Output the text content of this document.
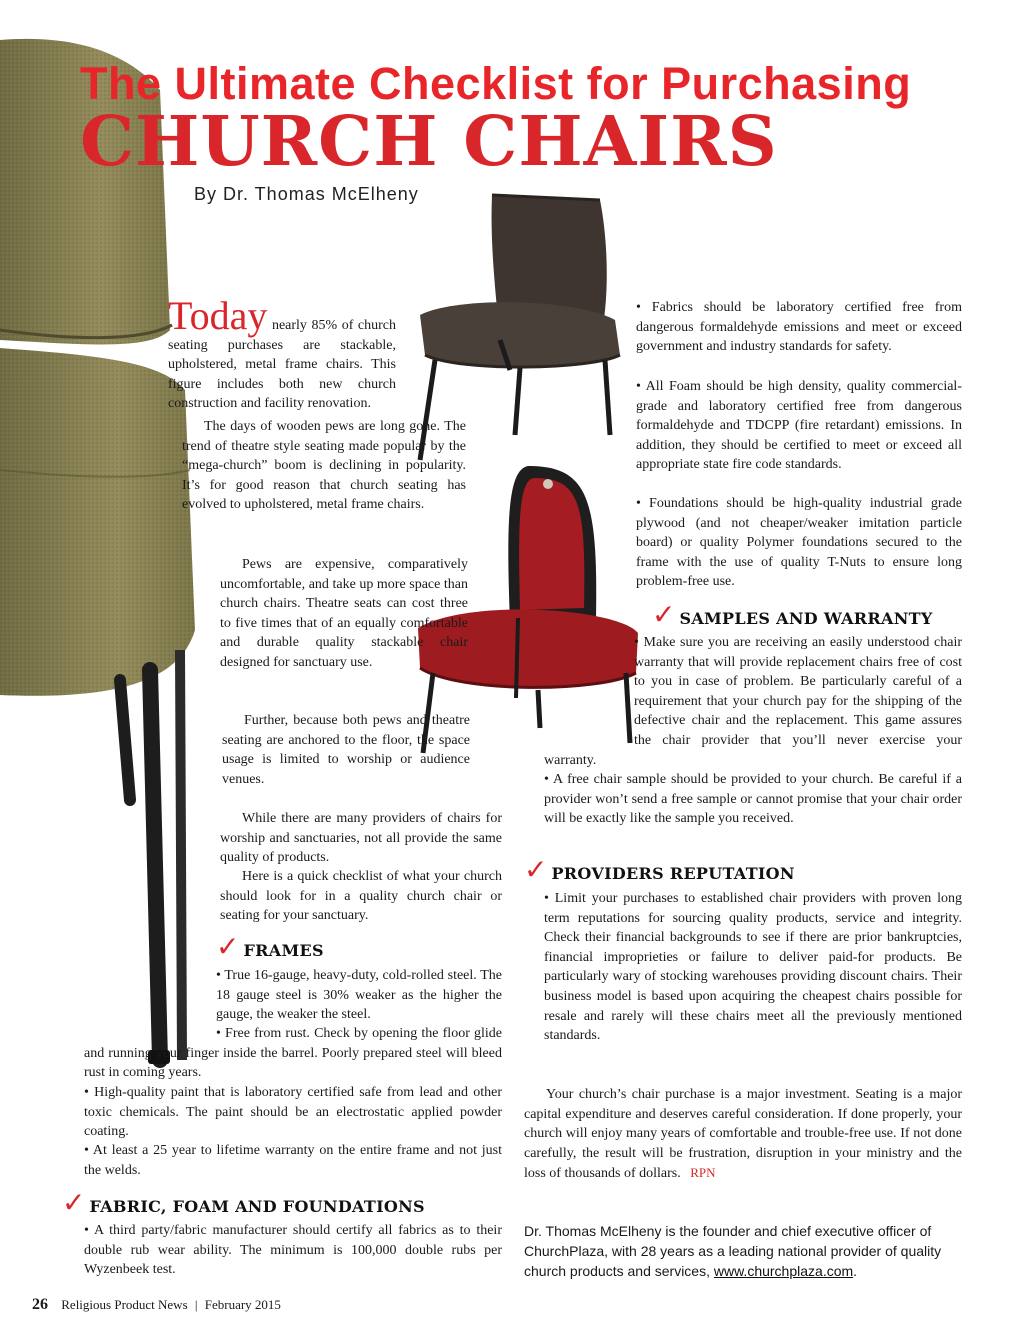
The Ultimate Checklist for Purchasing
CHURCH CHAIRS
By Dr. Thomas McElheny
Today nearly 85% of church seating purchases are stackable, upholstered, metal frame chairs. This figure includes both new church construction and facility renovation.

The days of wooden pews are long gone. The trend of theatre style seating made popular by the “mega-church” boom is declining in popularity. It’s for good reason that church seating has evolved to upholstered, metal frame chairs.

Pews are expensive, comparatively uncomfortable, and take up more space than church chairs. Theatre seats can cost three to five times that of an equally comfortable and durable quality stackable chair designed for sanctuary use.

Further, because both pews and theatre seating are anchored to the floor, the space usage is limited to worship or audience venues.

While there are many providers of chairs for worship and sanctuaries, not all provide the same quality of products.

Here is a quick checklist of what your church should look for in a quality church chair or seating for your sanctuary.

✓ FRAMES

• True 16-gauge, heavy-duty, cold-rolled steel. The 18 gauge steel is 30% weaker as the higher the gauge, the weaker the steel.

• Free from rust. Check by opening the floor glide and running your finger inside the barrel. Poorly prepared steel will bleed rust in coming years.

• High-quality paint that is laboratory certified safe from lead and other toxic chemicals. The paint should be an electrostatic applied powder coating.

• At least a 25 year to lifetime warranty on the entire frame and not just the welds.

✓ FABRIC, FOAM AND FOUNDATIONS

• A third party/fabric manufacturer should certify all fabrics as to their double rub wear ability. The minimum is 100,000 double rubs per Wyzenbeek test.

• Fabrics should be laboratory certified free from dangerous formaldehyde emissions and meet or exceed government and industry standards for safety.

• All Foam should be high density, quality commercial-grade and laboratory certified free from dangerous formaldehyde and TDCPP (fire retardant) emissions. In addition, they should be certified to meet or exceed all appropriate state fire code standards.

• Foundations should be high-quality industrial grade plywood (and not cheaper/weaker imitation particle board) or quality Polymer foundations secured to the frame with the use of quality T-Nuts to ensure long problem-free use.

✓ SAMPLES AND WARRANTY
• Make sure you are receiving an easily understood chair warranty that will provide replacement chairs free of cost to you in case of problem. Be particularly careful of a requirement that your church pay for the shipping of the defective chair and the replacement. This game assures the chair provider that you’ll never exercise your warranty.

• A free chair sample should be provided to your church. Be careful if a provider won’t send a free sample or cannot promise that your chair order will be exactly like the sample you received.

✓ PROVIDERS REPUTATION

• Limit your purchases to established chair providers with proven long term reputations for sourcing quality products, service and integrity. Check their financial backgrounds to see if there are prior bankruptcies, financial improprieties or failure to deliver paid-for products. Be particularly wary of stocking warehouses providing discount chairs. Their business model is based upon acquiring the cheapest chairs possible for resale and rarely will these chairs meet all the previously mentioned standards.

Your church’s chair purchase is a major investment. Seating is a major capital expenditure and deserves careful consideration. If done properly, your church will enjoy many years of comfortable and trouble-free use. If not done carefully, the result will be frustration, disruption in your ministry and the loss of thousands of dollars. RPN

Dr. Thomas McElheny is the founder and chief executive officer of ChurchPlaza, with 28 years as a leading national provider of quality church products and services, www.churchplaza.com.
26 Religious Product News | February 2015
